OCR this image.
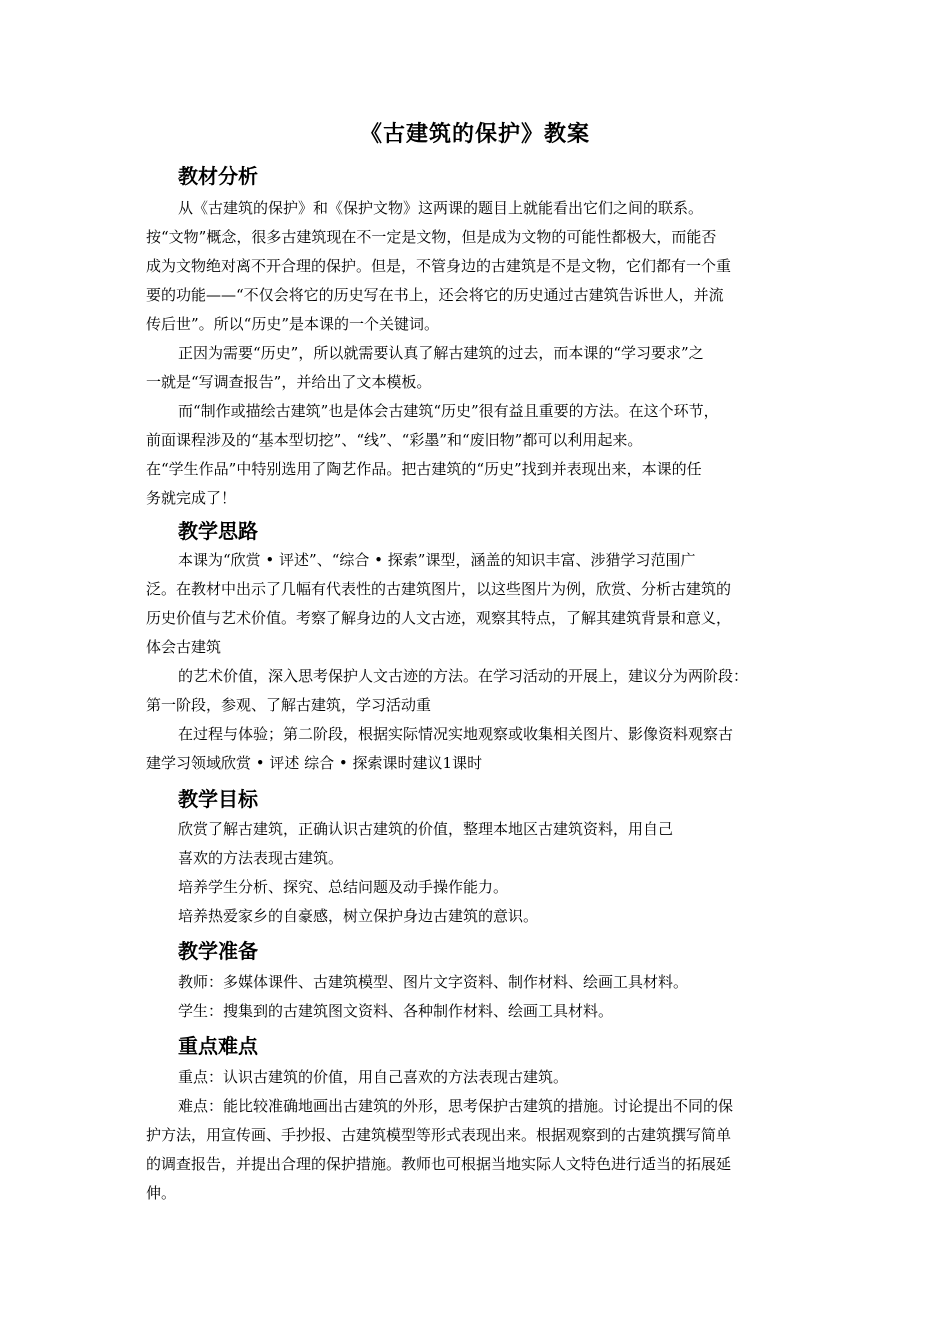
《古建筑的保护》教案
教材分析
从《古建筑的保护》和《保护文物》这两课的题目上就能看出它们之间的联系。
按“文物”概念，很多古建筑现在不一定是文物，但是成为文物的可能性都极大，而能否
成为文物绝对离不开合理的保护。但是，不管身边的古建筑是不是文物，它们都有一个重
要的功能——“不仅会将它的历史写在书上，还会将它的历史通过古建筑告诉世人，并流
传后世”。所以“历史”是本课的一个关键词。
正因为需要“历史”，所以就需要认真了解古建筑的过去，而本课的“学习要求”之
一就是“写调查报告”，并给出了文本模板。
而“制作或描绘古建筑”也是体会古建筑“历史”很有益且重要的方法。在这个环节，
前面课程涉及的“基本型切挖”、“线”、“彩墨”和“废旧物”都可以利用起来。
在“学生作品”中特别选用了陶艺作品。把古建筑的“历史”找到并表现出来，本课的任
务就完成了！
教学思路
本课为“欣赏 • 评述”、“综合 • 探索”课型，涵盖的知识丰富、涉猎学习范围广
泛。在教材中出示了几幅有代表性的古建筑图片，以这些图片为例，欣赏、分析古建筑的
历史价值与艺术价值。考察了解身边的人文古迹，观察其特点，了解其建筑背景和意义，
体会古建筑
的艺术价值，深入思考保护人文古迹的方法。在学习活动的开展上，建议分为两阶段：
第一阶段，参观、了解古建筑，学习活动重
在过程与体验；第二阶段，根据实际情况实地观察或收集相关图片、影像资料观察古
建学习领域欣赏 • 评述 综合 • 探索课时建议1课时
教学目标
欣赏了解古建筑，正确认识古建筑的价值，整理本地区古建筑资料，用自己
喜欢的方法表现古建筑。
培养学生分析、探究、总结问题及动手操作能力。
培养热爱家乡的自豪感，树立保护身边古建筑的意识。
教学准备
教师：多媒体课件、古建筑模型、图片文字资料、制作材料、绘画工具材料。
学生：搜集到的古建筑图文资料、各种制作材料、绘画工具材料。
重点难点
重点：认识古建筑的价值，用自己喜欢的方法表现古建筑。
难点：能比较准确地画出古建筑的外形，思考保护古建筑的措施。讨论提出不同的保
护方法，用宣传画、手抄报、古建筑模型等形式表现出来。根据观察到的古建筑撰写简单
的调查报告，并提出合理的保护措施。教师也可根据当地实际人文特色进行适当的拓展延
伸。
